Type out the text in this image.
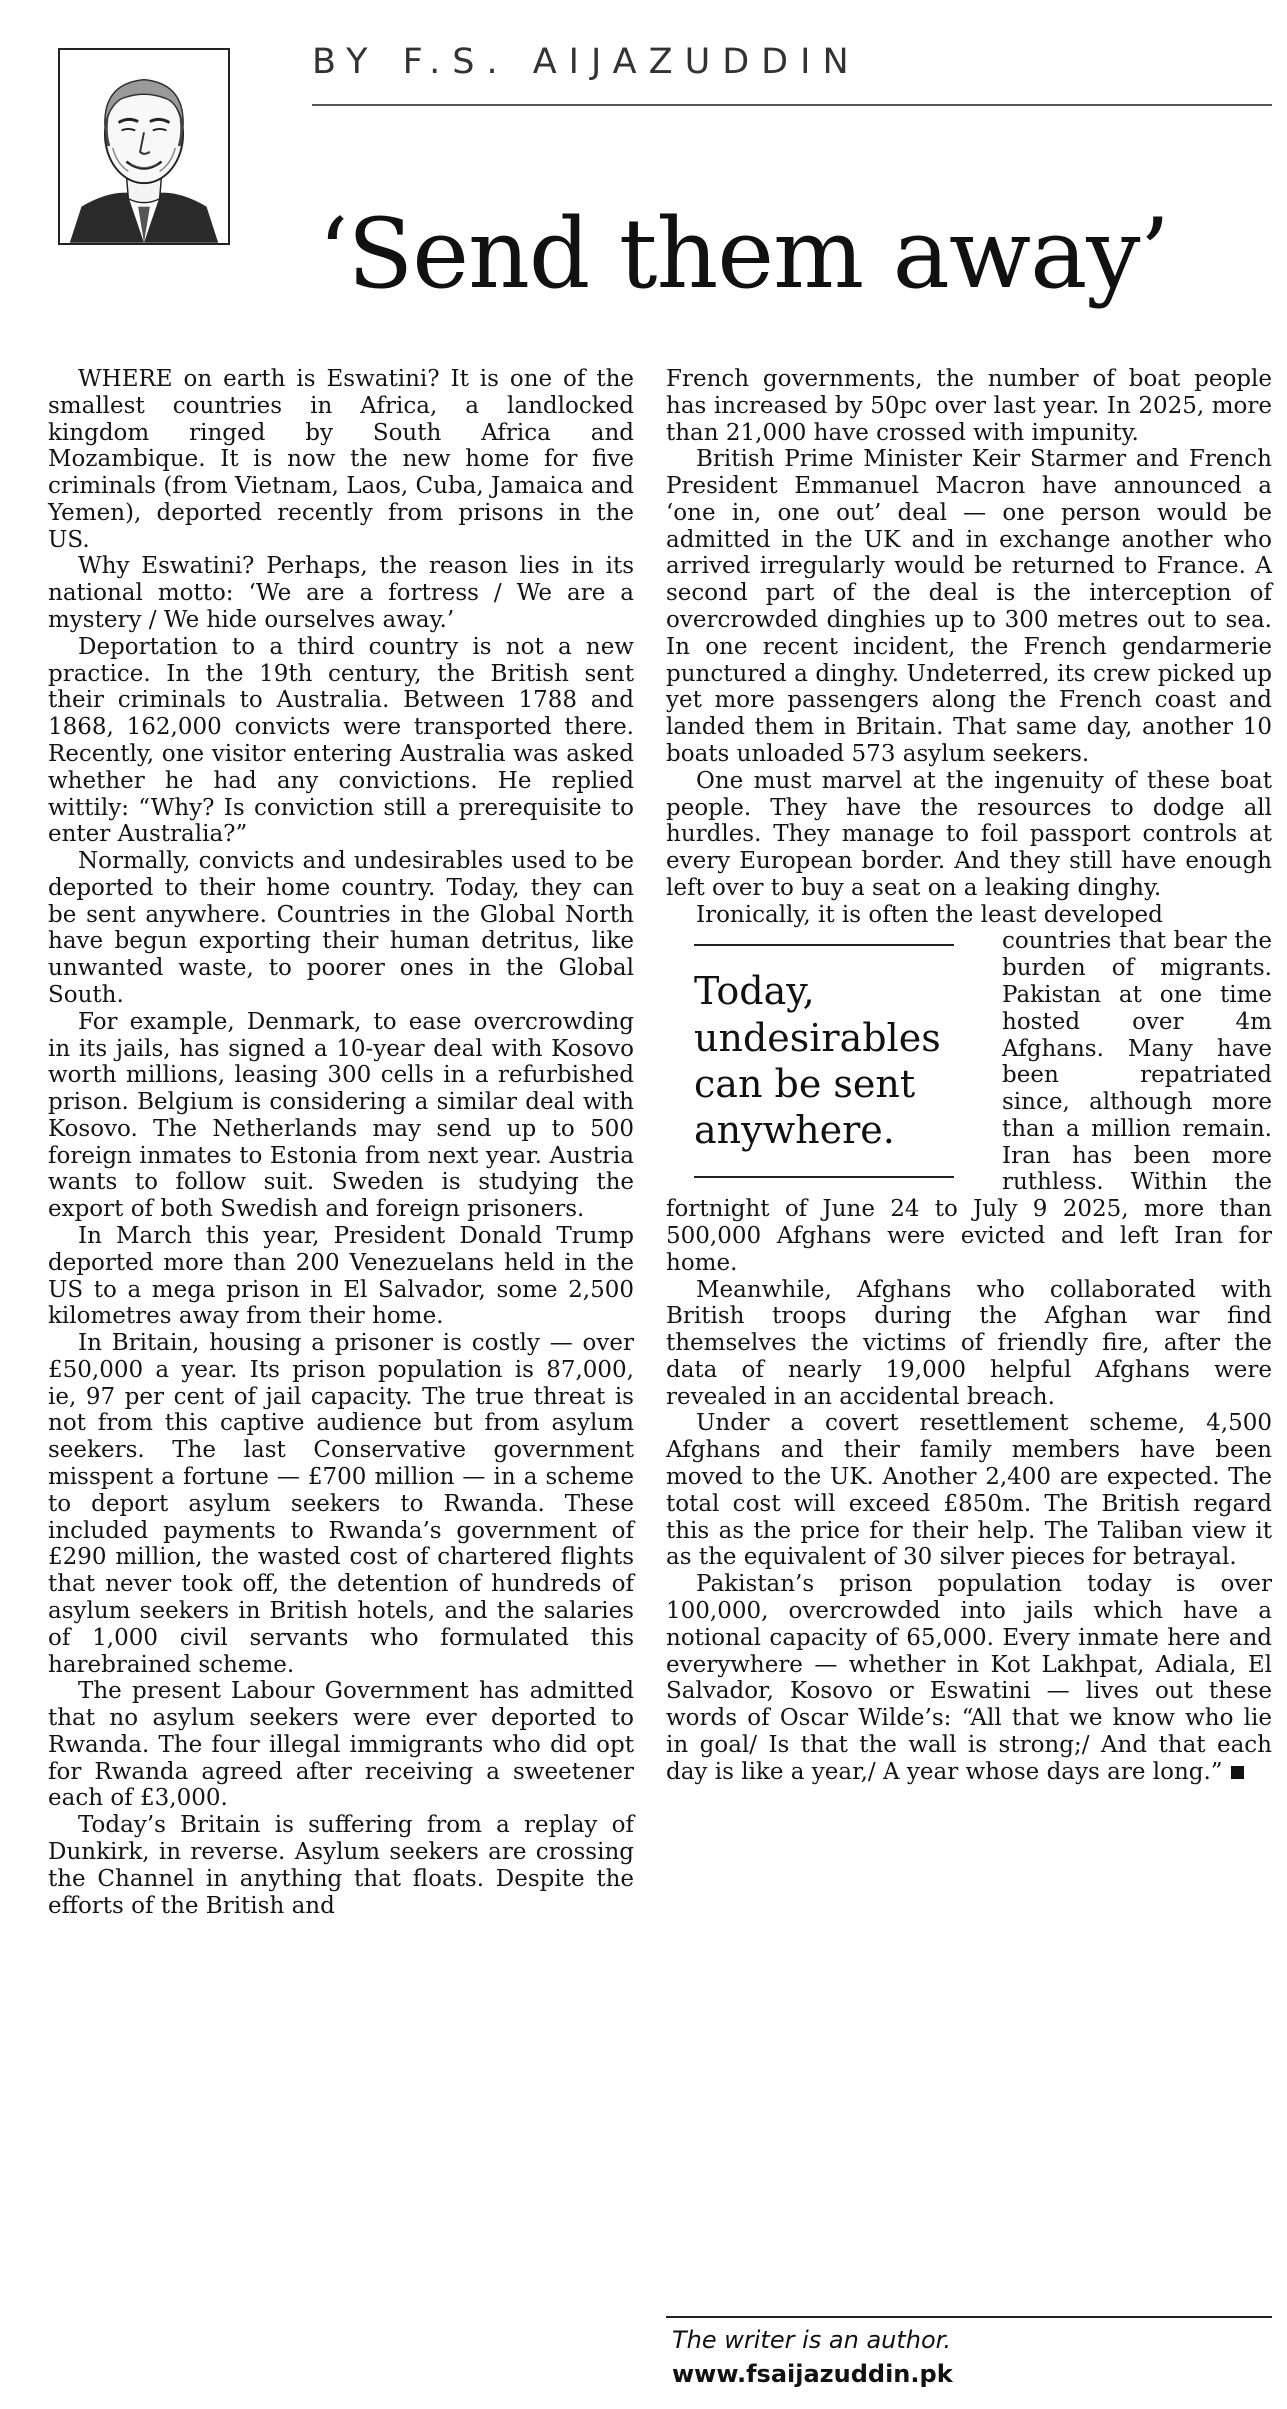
BY F.S. AIJAZUDDIN
‘Send them away’

WHERE on earth is Eswatini? It is one of the smallest countries in Africa, a landlocked kingdom ringed by South Africa and Mozambique. It is now the new home for five criminals (from Vietnam, Laos, Cuba, Jamaica and Yemen), deported recently from prisons in the US.

Why Eswatini? Perhaps, the reason lies in its national motto: ‘We are a fortress / We are a mystery / We hide ourselves away.’

Deportation to a third country is not a new practice. In the 19th century, the British sent their criminals to Australia. Between 1788 and 1868, 162,000 convicts were transported there. Recently, one visitor entering Australia was asked whether he had any convictions. He replied wittily: “Why? Is conviction still a prerequisite to enter Australia?”

Normally, convicts and undesirables used to be deported to their home country. Today, they can be sent anywhere. Countries in the Global North have begun exporting their human detritus, like unwanted waste, to poorer ones in the Global South.

For example, Denmark, to ease overcrowding in its jails, has signed a 10-year deal with Kosovo worth millions, leasing 300 cells in a refurbished prison. Belgium is considering a similar deal with Kosovo. The Netherlands may send up to 500 foreign inmates to Estonia from next year. Austria wants to follow suit. Sweden is studying the export of both Swedish and foreign prisoners.

In March this year, President Donald Trump deported more than 200 Venezuelans held in the US to a mega prison in El Salvador, some 2,500 kilometres away from their home.

In Britain, housing a prisoner is costly — over £50,000 a year. Its prison population is 87,000, ie, 97 per cent of jail capacity. The true threat is not from this captive audience but from asylum seekers. The last Conservative government misspent a fortune — £700 million — in a scheme to deport asylum seekers to Rwanda. These included payments to Rwanda’s government of £290 million, the wasted cost of chartered flights that never took off, the detention of hundreds of asylum seekers in British hotels, and the salaries of 1,000 civil servants who formulated this harebrained scheme.

The present Labour Government has admitted that no asylum seekers were ever deported to Rwanda. The four illegal immigrants who did opt for Rwanda agreed after receiving a sweetener each of £3,000.

Today’s Britain is suffering from a replay of Dunkirk, in reverse. Asylum seekers are crossing the Channel in anything that floats. Despite the efforts of the British and

French governments, the number of boat people has increased by 50pc over last year. In 2025, more than 21,000 have crossed with impunity.

British Prime Minister Keir Starmer and French President Emmanuel Macron have announced a ‘one in, one out’ deal — one person would be admitted in the UK and in exchange another who arrived irregularly would be returned to France. A second part of the deal is the interception of overcrowded dinghies up to 300 metres out to sea. In one recent incident, the French gendarmerie punctured a dinghy. Undeterred, its crew picked up yet more passengers along the French coast and landed them in Britain. That same day, another 10 boats unloaded 573 asylum seekers.

One must marvel at the ingenuity of these boat people. They have the resources to dodge all hurdles. They manage to foil passport controls at every European border. And they still have enough left over to buy a seat on a leaking dinghy.

Ironically, it is often the least developed

Today, undesirables can be sent anywhere.

countries that bear the burden of migrants. Pakistan at one time hosted over 4m Afghans. Many have been repatriated since, although more than a million remain. Iran has been more ruthless. Within the fortnight of June 24 to July 9 2025, more than 500,000 Afghans were evicted and left Iran for home.

Meanwhile, Afghans who collaborated with British troops during the Afghan war find themselves the victims of friendly fire, after the data of nearly 19,000 helpful Afghans were revealed in an accidental breach.

Under a covert resettlement scheme, 4,500 Afghans and their family members have been moved to the UK. Another 2,400 are expected. The total cost will exceed £850m. The British regard this as the price for their help. The Taliban view it as the equivalent of 30 silver pieces for betrayal.

Pakistan’s prison population today is over 100,000, overcrowded into jails which have a notional capacity of 65,000. Every inmate here and everywhere — whether in Kot Lakhpat, Adiala, El Salvador, Kosovo or Eswatini — lives out these words of Oscar Wilde’s: “All that we know who lie in goal/ Is that the wall is strong;/ And that each day is like a year,/ A year whose days are long.”

The writer is an author.
www.fsaijazuddin.pk
